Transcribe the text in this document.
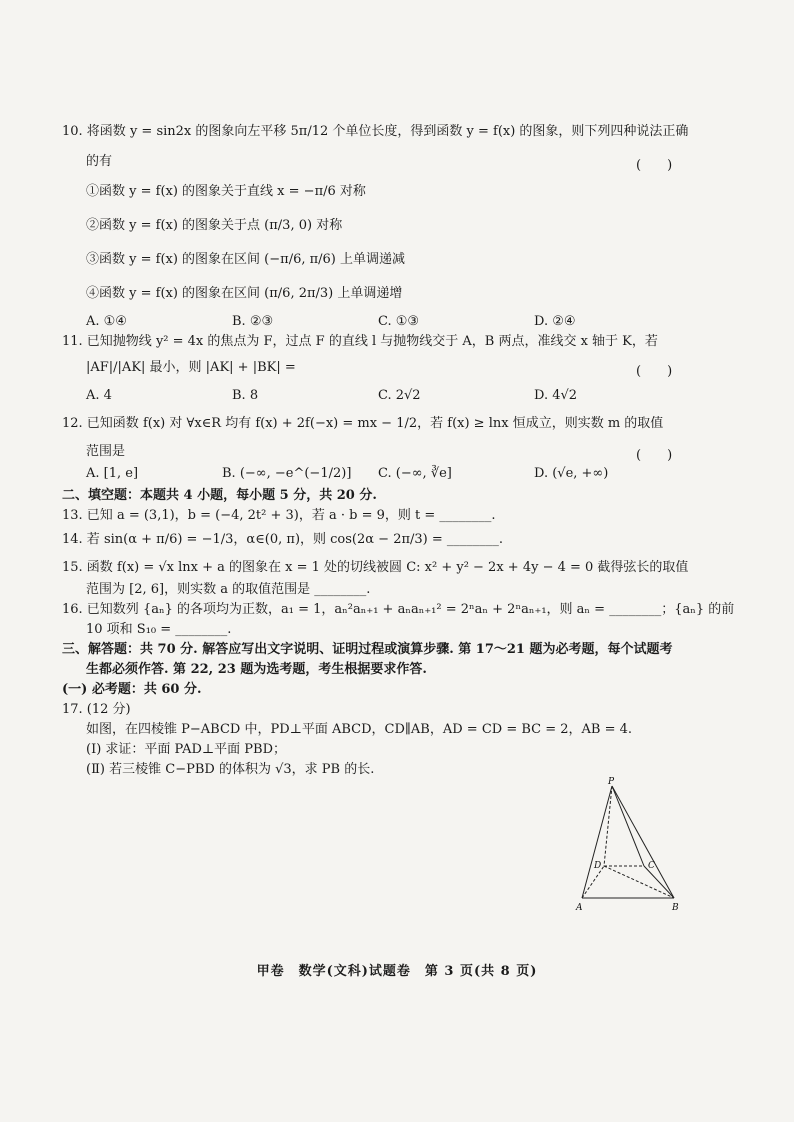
10. 将函数 y = sin2x 的图象向左平移 5π/12 个单位长度，得到函数 y = f(x) 的图象，则下列四种说法正确
的有	(　　)
①函数 y = f(x) 的图象关于直线 x = −π/6 对称
②函数 y = f(x) 的图象关于点 (π/3, 0) 对称
③函数 y = f(x) 的图象在区间 (−π/6, π/6) 上单调递减
④函数 y = f(x) 的图象在区间 (π/6, 2π/3) 上单调递增
A. ①④	B. ②③	C. ①③	D. ②④
11. 已知抛物线 y² = 4x 的焦点为 F，过点 F 的直线 l 与抛物线交于 A，B 两点，准线交 x 轴于 K，若
|AF|/|AK| 最小，则 |AK| + |BK| =	(　　)
A. 4	B. 8	C. 2√2	D. 4√2
12. 已知函数 f(x) 对 ∀x∈R 均有 f(x) + 2f(−x) = mx − 1/2，若 f(x) ≥ lnx 恒成立，则实数 m 的取值
范围是	(　　)
A. [1, e]	B. (−∞, −e^(−1/2)] C. (−∞, ∛e]	D. (√e, +∞)
二、填空题：本题共 4 小题，每小题 5 分，共 20 分.
13. 已知 a = (3,1)，b = (−4, 2t² + 3)，若 a · b = 9，则 t = ________.
14. 若 sin(α + π/6) = −1/3，α∈(0, π)，则 cos(2α − 2π/3) = ________.
15. 函数 f(x) = √x lnx + a 的图象在 x = 1 处的切线被圆 C: x² + y² − 2x + 4y − 4 = 0 截得弦长的取值
范围为 [2, 6]，则实数 a 的取值范围是 ________.
16. 已知数列 {aₙ} 的各项均为正数，a₁ = 1，aₙ²aₙ₊₁ + aₙaₙ₊₁² = 2ⁿaₙ + 2ⁿaₙ₊₁，则 aₙ = ________；{aₙ} 的前
10 项和 S₁₀ = ________.
三、解答题：共 70 分. 解答应写出文字说明、证明过程或演算步骤. 第 17～21 题为必考题，每个试题考
生都必须作答. 第 22, 23 题为选考题，考生根据要求作答.
(一) 必考题：共 60 分.
17. (12 分)
如图，在四棱锥 P−ABCD 中，PD⊥平面 ABCD，CD∥AB，AD = CD = BC = 2，AB = 4.
(Ⅰ) 求证：平面 PAD⊥平面 PBD；
(Ⅱ) 若三棱锥 C−PBD 的体积为 √3，求 PB 的长.
P
D	C
A	B
甲卷　数学(文科)试题卷　第 3 页(共 8 页)
